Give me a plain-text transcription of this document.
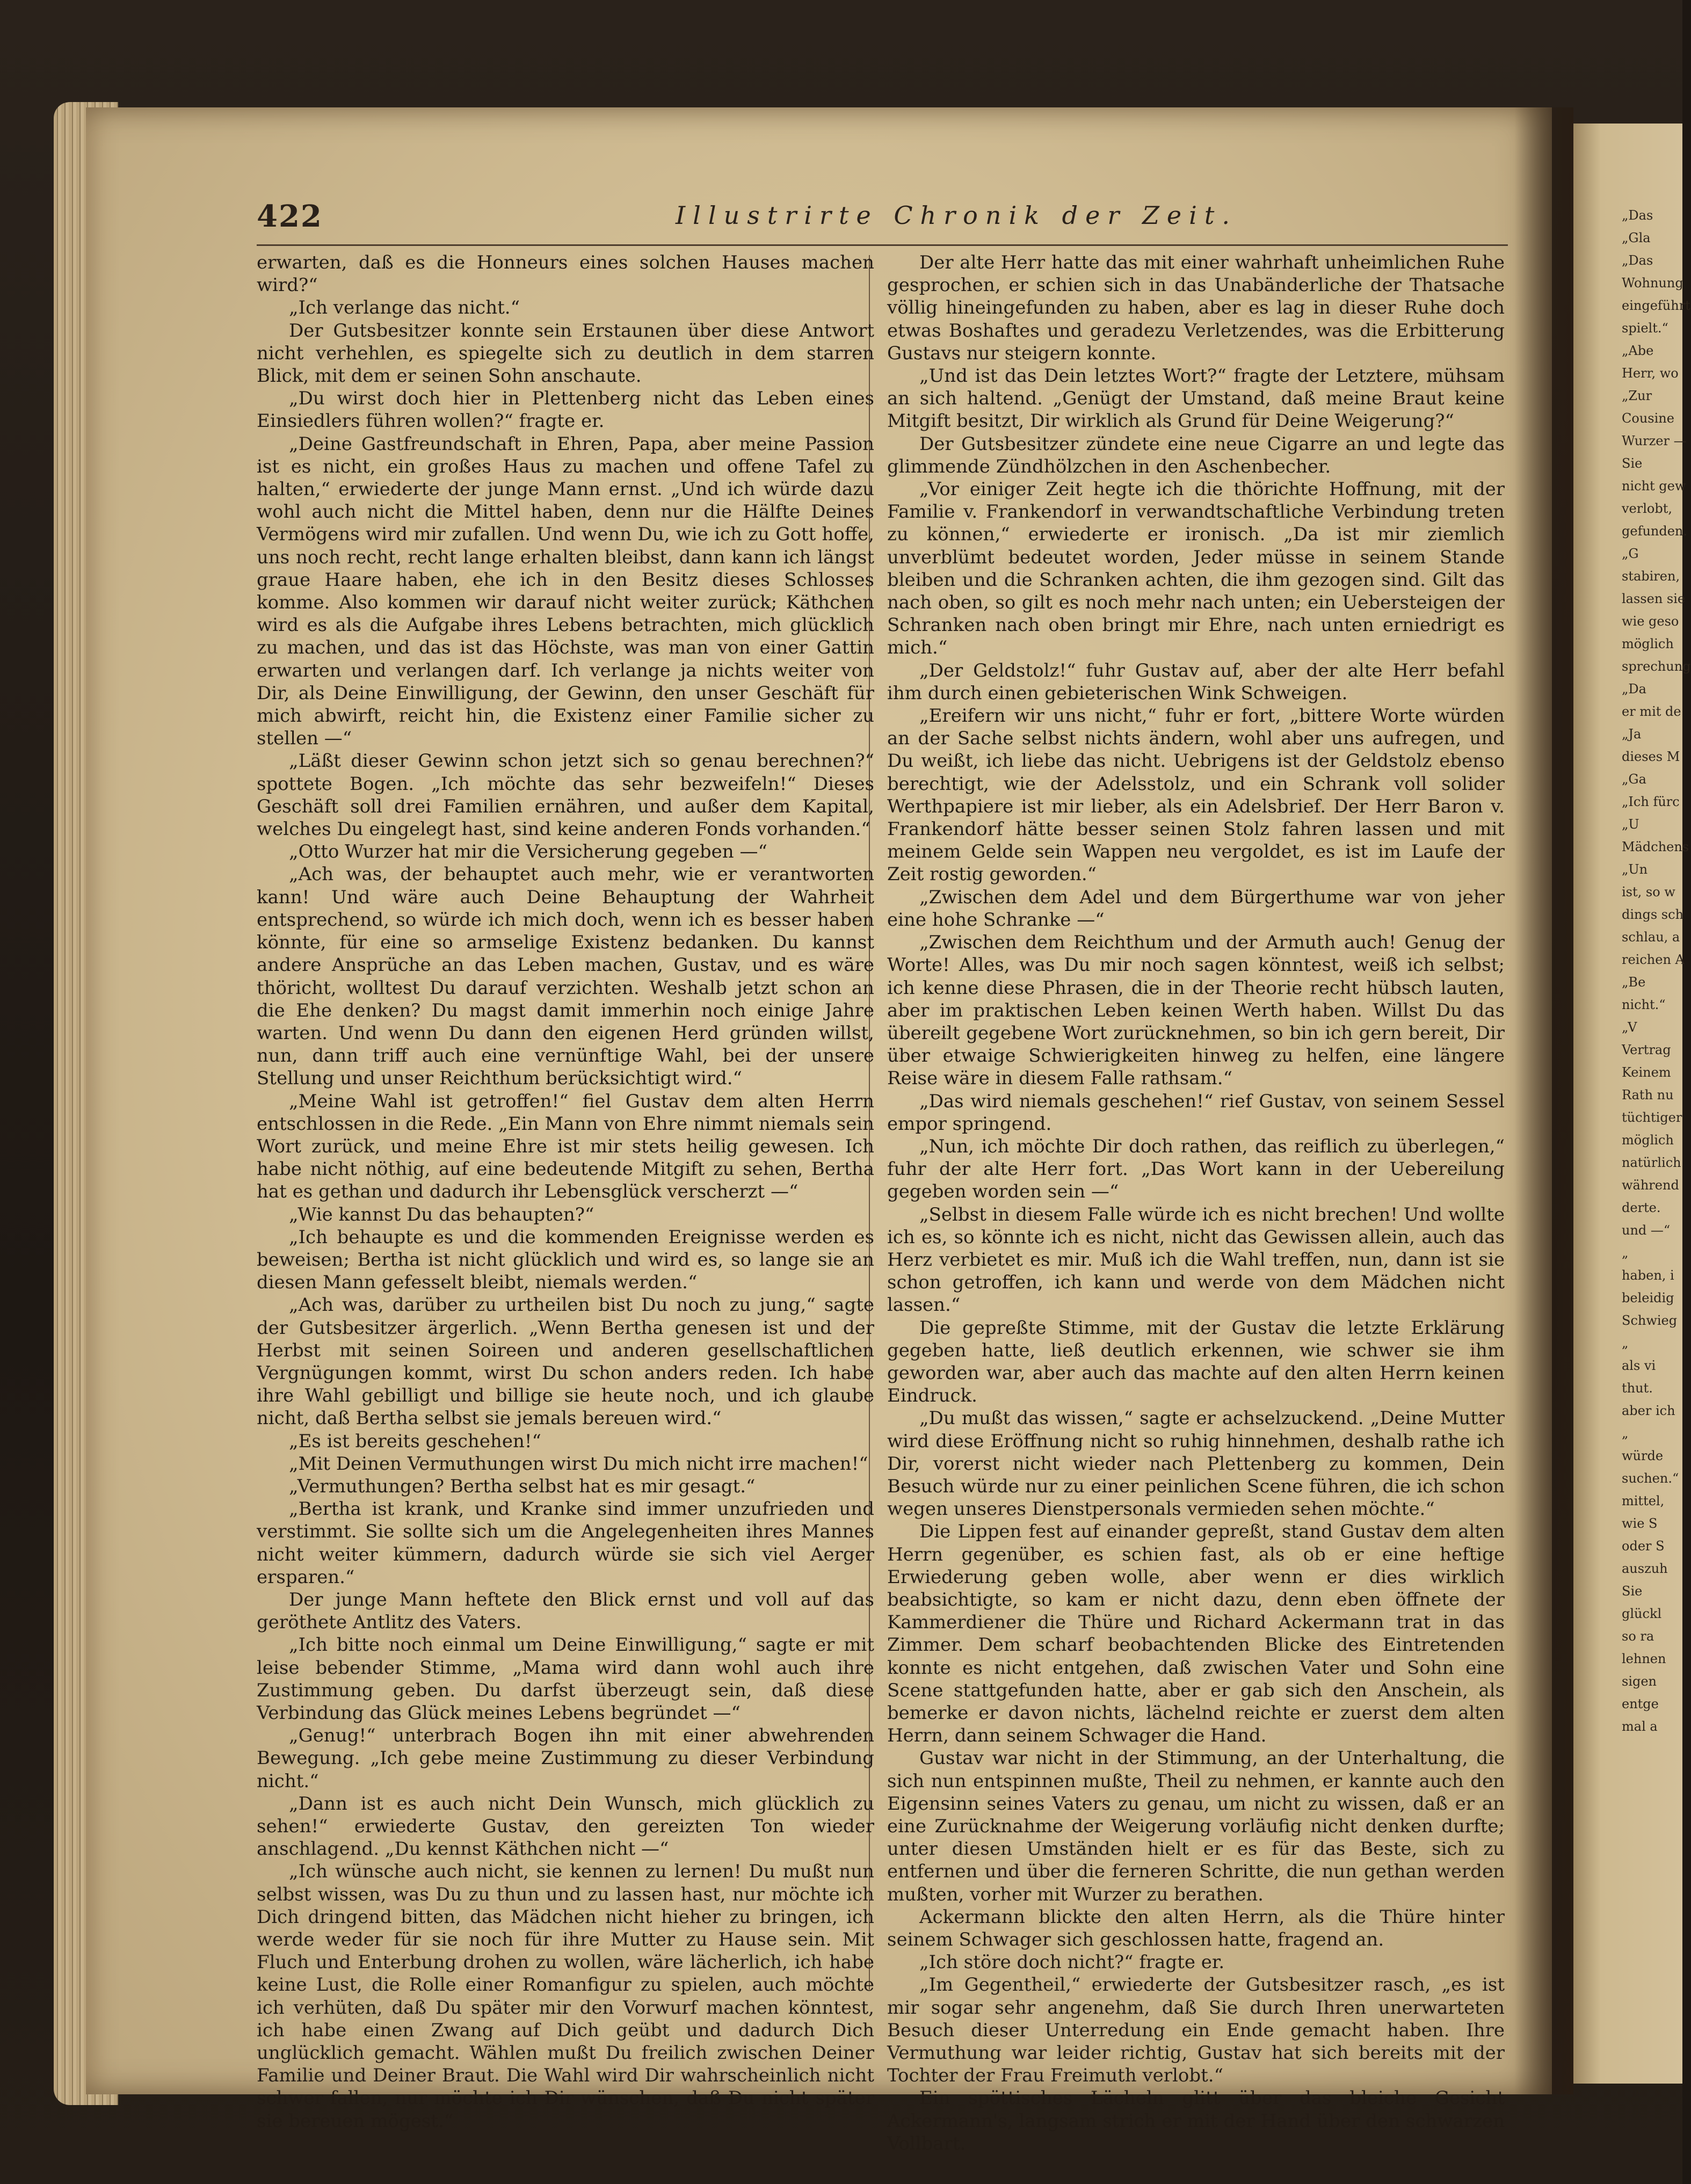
„Das
„Gla
„Das
Wohnung
eingeführt
spielt.“
„Abe
Herr, wo
„Zur
Cousine
Wurzer —
Sie
nicht gew
verlobt,
gefunden.
„G
stabiren,
lassen sie
wie geso
möglich
sprechung
„Da
er mit de
„Ja
dieses M
„Ga
„Ich fürc
„U
Mädchens
„Un
ist, so w
dings sch
schlau, a
reichen A
„Be
nicht.“
„V
Vertrag
Keinem
Rath nu
tüchtiger
möglich
natürlich
während
derte.
und —“
„
haben, i
beleidig
Schwieg
„
als vi
thut.
aber ich
„
würde
suchen.“
mittel,
wie S
oder S
auszuh
Sie
glückl
so ra
lehnen
sigen
entge
mal a
422	Illustrirte Chronik der Zeit.

erwarten, daß es die Honneurs eines solchen Hauses machen wird?“

„Ich verlange das nicht.“

Der Gutsbesitzer konnte sein Erstaunen über diese Antwort nicht verhehlen, es spiegelte sich zu deutlich in dem starren Blick, mit dem er seinen Sohn anschaute.

„Du wirst doch hier in Plettenberg nicht das Leben eines Einsiedlers führen wollen?“ fragte er.

„Deine Gastfreundschaft in Ehren, Papa, aber meine Passion ist es nicht, ein großes Haus zu machen und offene Tafel zu halten,“ erwiederte der junge Mann ernst. „Und ich würde dazu wohl auch nicht die Mittel haben, denn nur die Hälfte Deines Vermögens wird mir zufallen. Und wenn Du, wie ich zu Gott hoffe, uns noch recht, recht lange erhalten bleibst, dann kann ich längst graue Haare haben, ehe ich in den Besitz dieses Schlosses komme. Also kommen wir darauf nicht weiter zurück; Käthchen wird es als die Aufgabe ihres Lebens betrachten, mich glücklich zu machen, und das ist das Höchste, was man von einer Gattin erwarten und verlangen darf. Ich verlange ja nichts weiter von Dir, als Deine Einwilligung, der Gewinn, den unser Geschäft für mich abwirft, reicht hin, die Existenz einer Familie sicher zu stellen —“

„Läßt dieser Gewinn schon jetzt sich so genau berechnen?“ spottete Bogen. „Ich möchte das sehr bezweifeln!“ Dieses Geschäft soll drei Familien ernähren, und außer dem Kapital, welches Du eingelegt hast, sind keine anderen Fonds vorhanden.“

„Otto Wurzer hat mir die Versicherung gegeben —“

„Ach was, der behauptet auch mehr, wie er verantworten kann! Und wäre auch Deine Behauptung der Wahrheit entsprechend, so würde ich mich doch, wenn ich es besser haben könnte, für eine so armselige Existenz bedanken. Du kannst andere Ansprüche an das Leben machen, Gustav, und es wäre thöricht, wolltest Du darauf verzichten. Weshalb jetzt schon an die Ehe denken? Du magst damit immerhin noch einige Jahre warten. Und wenn Du dann den eigenen Herd gründen willst, nun, dann triff auch eine vernünftige Wahl, bei der unsere Stellung und unser Reichthum berücksichtigt wird.“

„Meine Wahl ist getroffen!“ fiel Gustav dem alten Herrn entschlossen in die Rede. „Ein Mann von Ehre nimmt niemals sein Wort zurück, und meine Ehre ist mir stets heilig gewesen. Ich habe nicht nöthig, auf eine bedeutende Mitgift zu sehen, Bertha hat es gethan und dadurch ihr Lebensglück verscherzt —“

„Wie kannst Du das behaupten?“

„Ich behaupte es und die kommenden Ereignisse werden es beweisen; Bertha ist nicht glücklich und wird es, so lange sie an diesen Mann gefesselt bleibt, niemals werden.“

„Ach was, darüber zu urtheilen bist Du noch zu jung,“ sagte der Gutsbesitzer ärgerlich. „Wenn Bertha genesen ist und der Herbst mit seinen Soireen und anderen gesellschaftlichen Vergnügungen kommt, wirst Du schon anders reden. Ich habe ihre Wahl gebilligt und billige sie heute noch, und ich glaube nicht, daß Bertha selbst sie jemals bereuen wird.“

„Es ist bereits geschehen!“

„Mit Deinen Vermuthungen wirst Du mich nicht irre machen!“

„Vermuthungen? Bertha selbst hat es mir gesagt.“

„Bertha ist krank, und Kranke sind immer unzufrieden und verstimmt. Sie sollte sich um die Angelegenheiten ihres Mannes nicht weiter kümmern, dadurch würde sie sich viel Aerger ersparen.“

Der junge Mann heftete den Blick ernst und voll auf das geröthete Antlitz des Vaters.

„Ich bitte noch einmal um Deine Einwilligung,“ sagte er mit leise bebender Stimme, „Mama wird dann wohl auch ihre Zustimmung geben. Du darfst überzeugt sein, daß diese Verbindung das Glück meines Lebens begründet —“

„Genug!“ unterbrach Bogen ihn mit einer abwehrenden Bewegung. „Ich gebe meine Zustimmung zu dieser Verbindung nicht.“

„Dann ist es auch nicht Dein Wunsch, mich glücklich zu sehen!“ erwiederte Gustav, den gereizten Ton wieder anschlagend. „Du kennst Käthchen nicht —“

„Ich wünsche auch nicht, sie kennen zu lernen! Du mußt nun selbst wissen, was Du zu thun und zu lassen hast, nur möchte ich Dich dringend bitten, das Mädchen nicht hieher zu bringen, ich werde weder für sie noch für ihre Mutter zu Hause sein. Mit Fluch und Enterbung drohen zu wollen, wäre lächerlich, ich habe keine Lust, die Rolle einer Romanfigur zu spielen, auch möchte ich verhüten, daß Du später mir den Vorwurf machen könntest, ich habe einen Zwang auf Dich geübt und dadurch Dich unglücklich gemacht. Wählen mußt Du freilich zwischen Deiner Familie und Deiner Braut. Die Wahl wird Dir wahrscheinlich nicht schwer fallen, nur möchte ich Dir wünschen, daß Du nicht später sie bereuen mögest.“

Der alte Herr hatte das mit einer wahrhaft unheimlichen Ruhe gesprochen, er schien sich in das Unabänderliche der Thatsache völlig hineingefunden zu haben, aber es lag in dieser Ruhe doch etwas Boshaftes und geradezu Verletzendes, was die Erbitterung Gustavs nur steigern konnte.

„Und ist das Dein letztes Wort?“ fragte der Letztere, mühsam an sich haltend. „Genügt der Umstand, daß meine Braut keine Mitgift besitzt, Dir wirklich als Grund für Deine Weigerung?“

Der Gutsbesitzer zündete eine neue Cigarre an und legte das glimmende Zündhölzchen in den Aschenbecher.

„Vor einiger Zeit hegte ich die thörichte Hoffnung, mit der Familie v. Frankendorf in verwandtschaftliche Verbindung treten zu können,“ erwiederte er ironisch. „Da ist mir ziemlich unverblümt bedeutet worden, Jeder müsse in seinem Stande bleiben und die Schranken achten, die ihm gezogen sind. Gilt das nach oben, so gilt es noch mehr nach unten; ein Uebersteigen der Schranken nach oben bringt mir Ehre, nach unten erniedrigt es mich.“

„Der Geldstolz!“ fuhr Gustav auf, aber der alte Herr befahl ihm durch einen gebieterischen Wink Schweigen.

„Ereifern wir uns nicht,“ fuhr er fort, „bittere Worte würden an der Sache selbst nichts ändern, wohl aber uns aufregen, und Du weißt, ich liebe das nicht. Uebrigens ist der Geldstolz ebenso berechtigt, wie der Adelsstolz, und ein Schrank voll solider Werthpapiere ist mir lieber, als ein Adelsbrief. Der Herr Baron v. Frankendorf hätte besser seinen Stolz fahren lassen und mit meinem Gelde sein Wappen neu vergoldet, es ist im Laufe der Zeit rostig geworden.“

„Zwischen dem Adel und dem Bürgerthume war von jeher eine hohe Schranke —“

„Zwischen dem Reichthum und der Armuth auch! Genug der Worte! Alles, was Du mir noch sagen könntest, weiß ich selbst; ich kenne diese Phrasen, die in der Theorie recht hübsch lauten, aber im praktischen Leben keinen Werth haben. Willst Du das übereilt gegebene Wort zurücknehmen, so bin ich gern bereit, Dir über etwaige Schwierigkeiten hinweg zu helfen, eine längere Reise wäre in diesem Falle rathsam.“

„Das wird niemals geschehen!“ rief Gustav, von seinem Sessel empor springend.

„Nun, ich möchte Dir doch rathen, das reiflich zu überlegen,“ fuhr der alte Herr fort. „Das Wort kann in der Uebereilung gegeben worden sein —“

„Selbst in diesem Falle würde ich es nicht brechen! Und wollte ich es, so könnte ich es nicht, nicht das Gewissen allein, auch das Herz verbietet es mir. Muß ich die Wahl treffen, nun, dann ist sie schon getroffen, ich kann und werde von dem Mädchen nicht lassen.“

Die gepreßte Stimme, mit der Gustav die letzte Erklärung gegeben hatte, ließ deutlich erkennen, wie schwer sie ihm geworden war, aber auch das machte auf den alten Herrn keinen Eindruck.

„Du mußt das wissen,“ sagte er achselzuckend. „Deine Mutter wird diese Eröffnung nicht so ruhig hinnehmen, deshalb rathe ich Dir, vorerst nicht wieder nach Plettenberg zu kommen, Dein Besuch würde nur zu einer peinlichen Scene führen, die ich schon wegen unseres Dienstpersonals vermieden sehen möchte.“

Die Lippen fest auf einander gepreßt, stand Gustav dem alten Herrn gegenüber, es schien fast, als ob er eine heftige Erwiederung geben wolle, aber wenn er dies wirklich beabsichtigte, so kam er nicht dazu, denn eben öffnete der Kammerdiener die Thüre und Richard Ackermann trat in das Zimmer. Dem scharf beobachtenden Blicke des Eintretenden konnte es nicht entgehen, daß zwischen Vater und Sohn eine Scene stattgefunden hatte, aber er gab sich den Anschein, als bemerke er davon nichts, lächelnd reichte er zuerst dem alten Herrn, dann seinem Schwager die Hand.

Gustav war nicht in der Stimmung, an der Unterhaltung, die sich nun entspinnen mußte, Theil zu nehmen, er kannte auch den Eigensinn seines Vaters zu genau, um nicht zu wissen, daß er an eine Zurücknahme der Weigerung vorläufig nicht denken durfte; unter diesen Umständen hielt er es für das Beste, sich zu entfernen und über die ferneren Schritte, die nun gethan werden mußten, vorher mit Wurzer zu berathen.

Ackermann blickte den alten Herrn, als die Thüre hinter seinem Schwager sich geschlossen hatte, fragend an.

„Ich störe doch nicht?“ fragte er.

„Im Gegentheil,“ erwiederte der Gutsbesitzer rasch, „es ist mir sogar sehr angenehm, daß Sie durch Ihren unerwarteten Besuch dieser Unterredung ein Ende gemacht haben. Ihre Vermuthung war leider richtig, Gustav hat sich bereits mit der Tochter der Frau Freimuth verlobt.“

Ein spöttisches Lächeln glitt über das bleiche Gesicht Ackermann's, langsam strich er mit der Hand über den schwarzen Vollbart.
